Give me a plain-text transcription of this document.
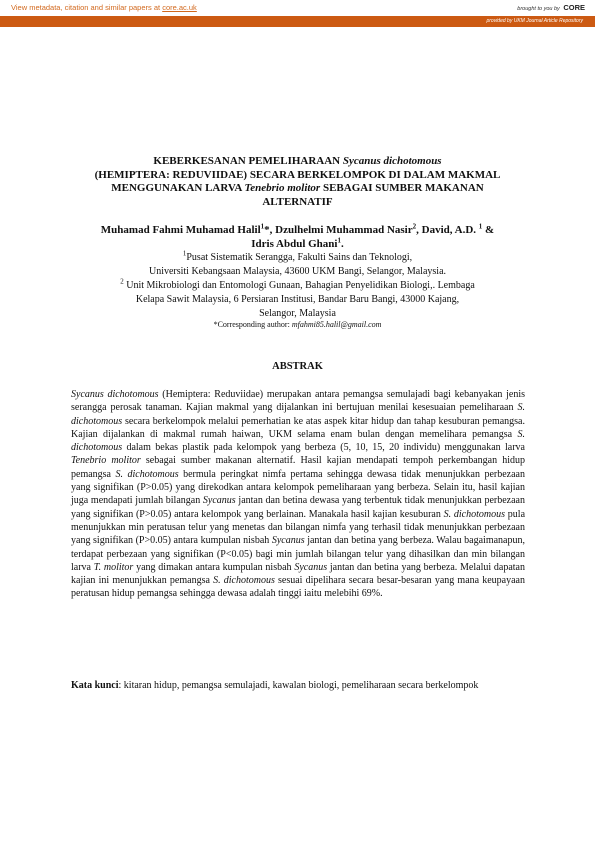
View metadata, citation and similar papers at core.ac.uk	brought to you by CORE
provided by UKM Journal Article Repository
KEBERKESANAN PEMELIHARAAN Sycanus dichotomous
(HEMIPTERA: REDUVIIDAE) SECARA BERKELOMPOK DI DALAM MAKMAL
MENGGUNAKAN LARVA Tenebrio molitor SEBAGAI SUMBER MAKANAN
ALTERNATIF
Muhamad Fahmi Muhamad Halil$^1$*, Dzulhelmi Muhammad Nasir$^2$, David, A.D. $^1$ &
Idris Abdul Ghani$^1$.
$^1$Pusat Sistematik Serangga, Fakulti Sains dan Teknologi,
Universiti Kebangsaan Malaysia, 43600 UKM Bangi, Selangor, Malaysia.
$^2$ Unit Mikrobiologi dan Entomologi Gunaan, Bahagian Penyelidikan Biologi,. Lembaga
Kelapa Sawit Malaysia, 6 Persiaran Institusi, Bandar Baru Bangi, 43000 Kajang,
Selangor, Malaysia
*Corresponding author: mfahmi85.halil@gmail.com
ABSTRAK
Sycanus dichotomous (Hemiptera: Reduviidae) merupakan antara pemangsa semulajadi bagi kebanyakan jenis serangga perosak tanaman. Kajian makmal yang dijalankan ini bertujuan menilai kesesuaian pemeliharaan S. dichotomous secara berkelompok melalui pemerhatian ke atas aspek kitar hidup dan tahap kesuburan pemangsa. Kajian dijalankan di makmal rumah haiwan, UKM selama enam bulan dengan memelihara pemangsa S. dichotomous dalam bekas plastik pada kelompok yang berbeza (5, 10, 15, 20 individu) menggunakan larva Tenebrio molitor sebagai sumber makanan alternatif. Hasil kajian mendapati tempoh perkembangan hidup pemangsa S. dichotomous bermula peringkat nimfa pertama sehingga dewasa tidak menunjukkan perbezaan yang signifikan (P>0.05) yang direkodkan antara kelompok pemeliharaan yang berbeza. Selain itu, hasil kajian juga mendapati jumlah bilangan Sycanus jantan dan betina dewasa yang terbentuk tidak menunjukkan perbezaan yang signifikan (P>0.05) antara kelompok yang berlainan. Manakala hasil kajian kesuburan S. dichotomous pula menunjukkan min peratusan telur yang menetas dan bilangan nimfa yang terhasil tidak menunjukkan perbezaan yang signifikan (P>0.05) antara kumpulan nisbah Sycanus jantan dan betina yang berbeza. Walau bagaimanapun, terdapat perbezaan yang signifikan (P<0.05) bagi min jumlah bilangan telur yang dihasilkan dan min bilangan larva T. molitor yang dimakan antara kumpulan nisbah Sycanus jantan dan betina yang berbeza. Melalui dapatan kajian ini menunjukkan pemangsa S. dichotomous sesuai dipelihara secara besar-besaran yang mana keupayaan peratusan hidup pemangsa sehingga dewasa adalah tinggi iaitu melebihi 69%.
Kata kunci: kitaran hidup, pemangsa semulajadi, kawalan biologi, pemeliharaan secara berkelompok
